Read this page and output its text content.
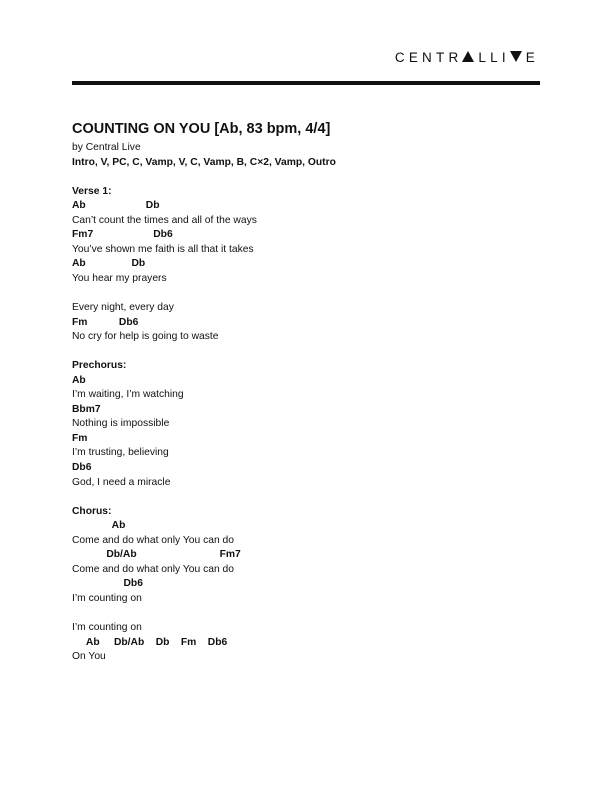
CENTR LLI E
COUNTING ON YOU [Ab, 83 bpm, 4/4]
by Central Live
Intro, V, PC, C, Vamp, V, C, Vamp, B, C×2, Vamp, Outro
Verse 1:
Ab                     Db
Can’t count the times and all of the ways
Fm7                     Db6
You’ve shown me faith is all that it takes
Ab                Db
You hear my prayers
Every night, every day
Fm           Db6
No cry for help is going to waste
Prechorus:
Ab
I’m waiting, I’m watching
Bbm7
Nothing is impossible
Fm
I’m trusting, believing
Db6
God, I need a miracle
Chorus:
Ab
Come and do what only You can do
Db/Ab                             Fm7
Come and do what only You can do
Db6
I’m counting on
I’m counting on
Ab     Db/Ab    Db    Fm    Db6
On You
